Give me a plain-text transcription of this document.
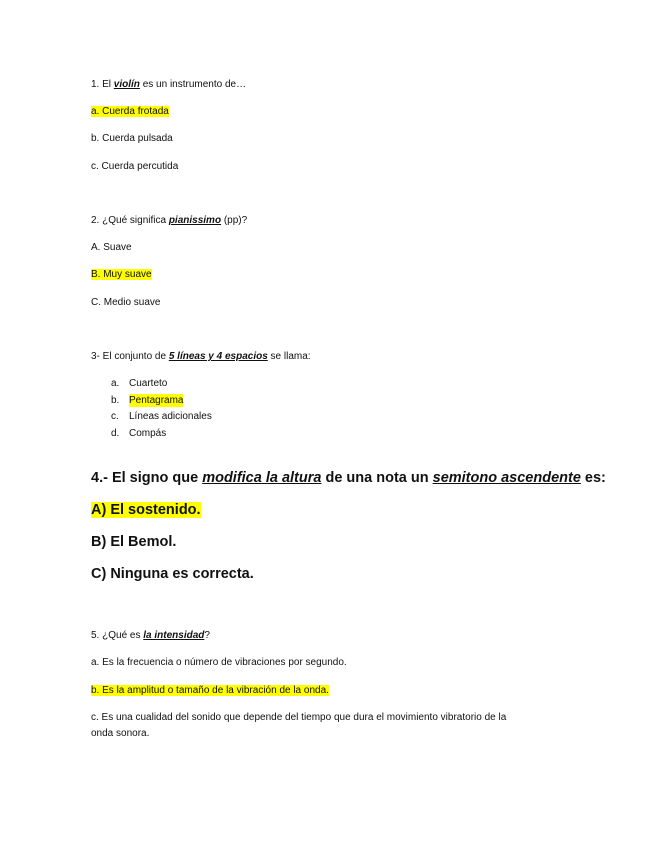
1. El violín es un instrumento de…
a. Cuerda frotada
b. Cuerda pulsada
c. Cuerda percutida
2. ¿Qué significa pianissimo (pp)?
A. Suave
B. Muy suave
C. Medio suave
3- El conjunto de 5 líneas y 4 espacios se llama:
a. Cuarteto
b. Pentagrama
c. Líneas adicionales
d. Compás
4.- El signo que modifica la altura de una nota un semitono ascendente es:
A) El sostenido.
B) El Bemol.
C) Ninguna es correcta.
5. ¿Qué es la intensidad?
a. Es la frecuencia o número de vibraciones por segundo.
b. Es la amplitud o tamaño de la vibración de la onda.
c. Es una cualidad del sonido que depende del tiempo que dura el movimiento vibratorio de la
onda sonora.
